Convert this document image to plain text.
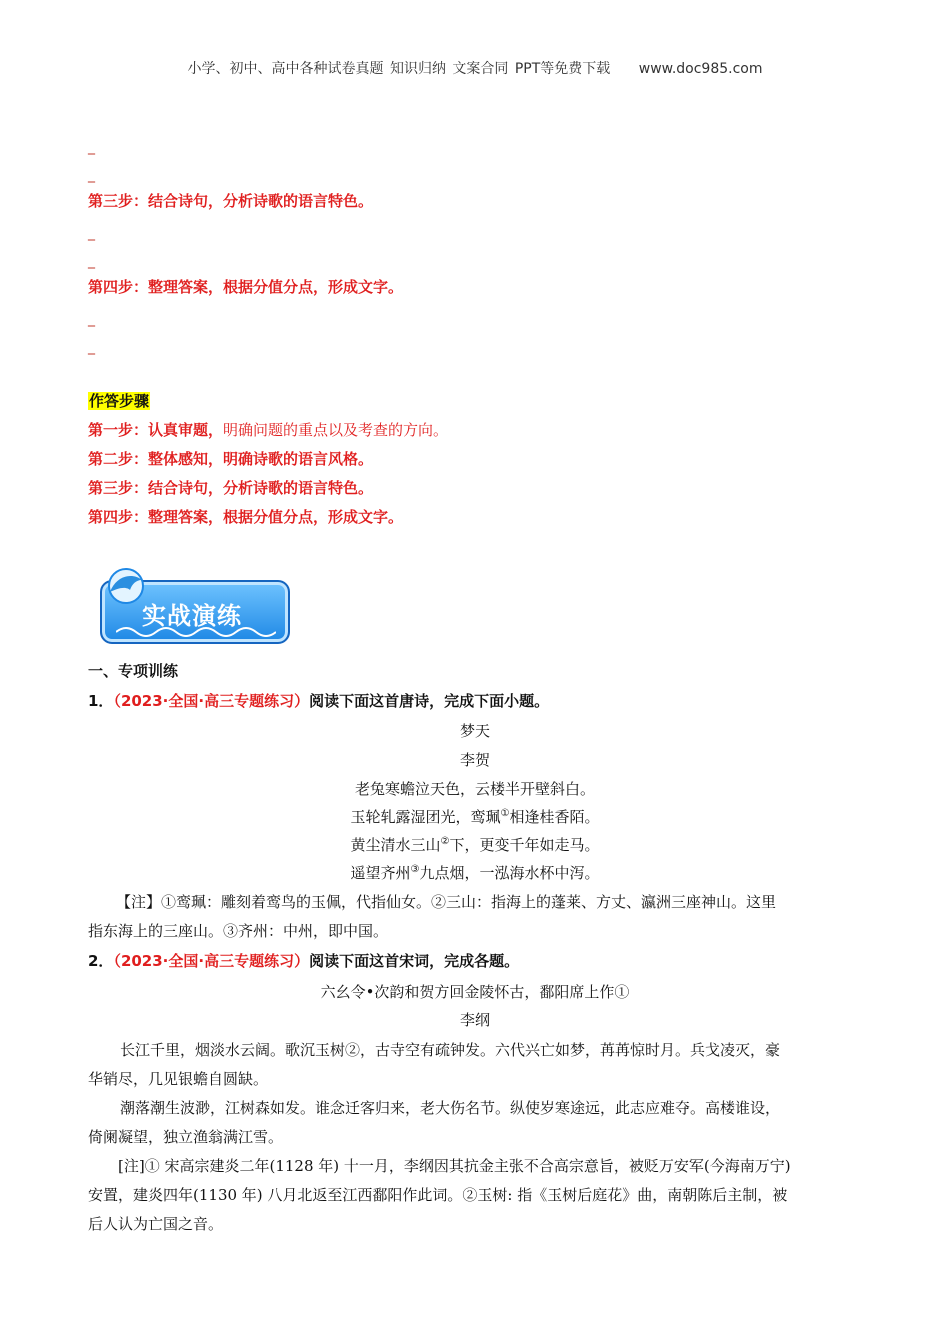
小学、初中、高中各种试卷真题 知识归纳 文案合同 PPT等免费下载 www.doc985.com
_
_
第三步：结合诗句，分析诗歌的语言特色。
_
_
第四步：整理答案，根据分值分点，形成文字。
_
_
作答步骤
第一步：认真审题，明确问题的重点以及考查的方向。
第二步：整体感知，明确诗歌的语言风格。
第三步：结合诗句，分析诗歌的语言特色。
第四步：整理答案，根据分值分点，形成文字。
实战演练
一、专项训练
1．（2023·全国·高三专题练习）阅读下面这首唐诗，完成下面小题。
梦天
李贺
老兔寒蟾泣天色，云楼半开壁斜白。
玉轮轧露湿团光，鸾珮①相逢桂香陌。
黄尘清水三山②下，更变千年如走马。
遥望齐州③九点烟，一泓海水杯中泻。
【注】①鸾珮：雕刻着鸾鸟的玉佩，代指仙女。②三山：指海上的蓬莱、方丈、瀛洲三座神山。这里
指东海上的三座山。③齐州：中州，即中国。
2．（2023·全国·高三专题练习）阅读下面这首宋词，完成各题。
六幺令•次韵和贺方回金陵怀古，鄱阳席上作①
李纲
长江千里，烟淡水云阔。歌沉玉树②，古寺空有疏钟发。六代兴亡如梦，苒苒惊时月。兵戈凌灭，豪
华销尽，几见银蟾自圆缺。
潮落潮生波渺，江树森如发。谁念迁客归来，老大伤名节。纵使岁寒途远，此志应难夺。高楼谁设，
倚阑凝望，独立渔翁满江雪。
[注]① 宋高宗建炎二年(1128 年) 十一月，李纲因其抗金主张不合高宗意旨，被贬万安军(今海南万宁)
安置，建炎四年(1130 年) 八月北返至江西鄱阳作此词。②玉树: 指《玉树后庭花》曲，南朝陈后主制，被
后人认为亡国之音。
